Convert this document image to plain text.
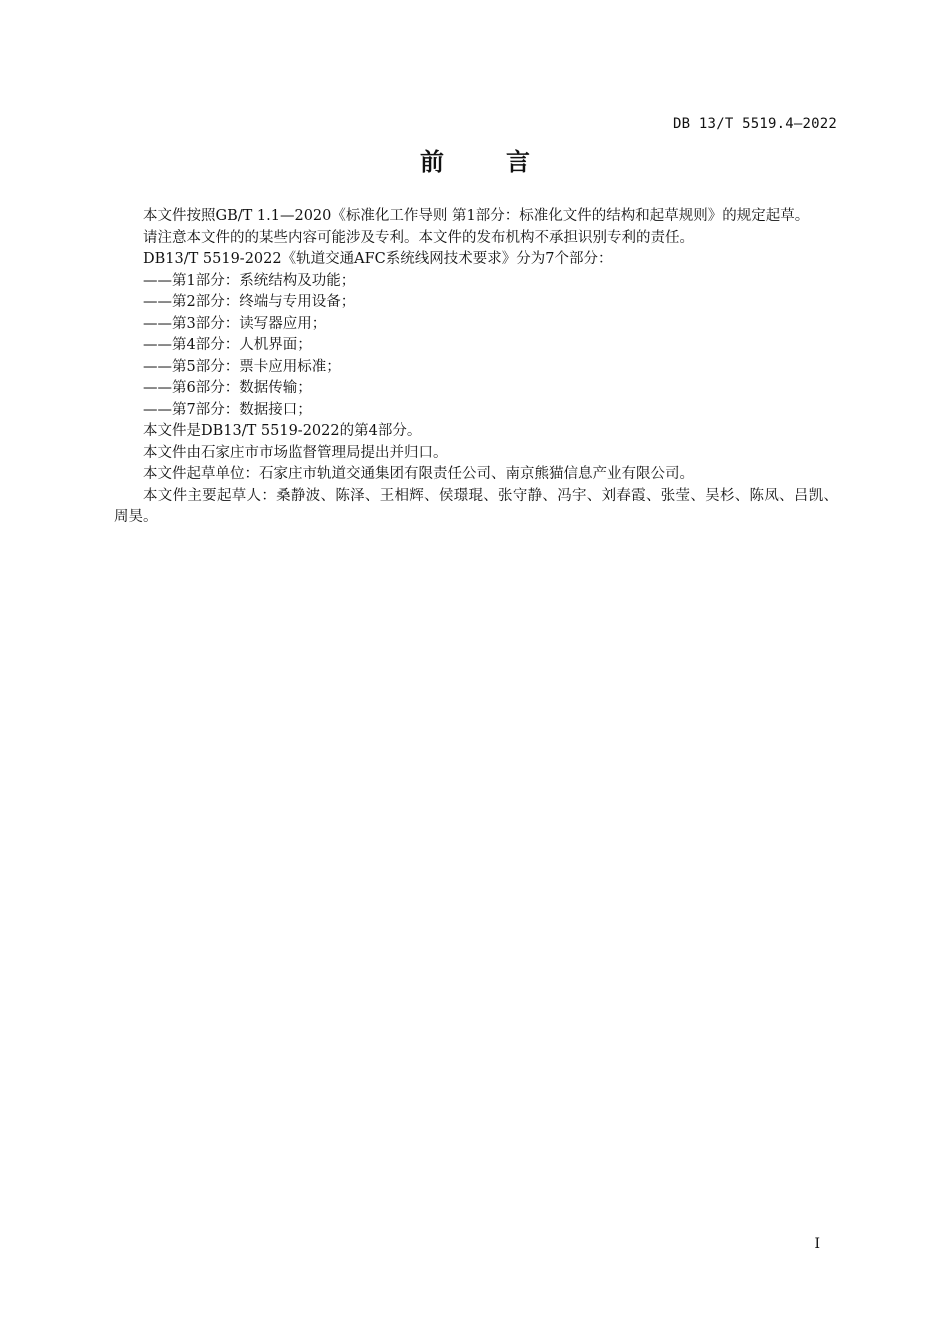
DB 13/T 5519.4—2022
前言

本文件按照GB/T 1.1—2020《标准化工作导则 第1部分：标准化文件的结构和起草规则》的规定起草。

请注意本文件的的某些内容可能涉及专利。本文件的发布机构不承担识别专利的责任。

DB13/T 5519-2022《轨道交通AFC系统线网技术要求》分为7个部分：

——第1部分：系统结构及功能；
——第2部分：终端与专用设备；
——第3部分：读写器应用；
——第4部分：人机界面；
——第5部分：票卡应用标准；
——第6部分：数据传输；
——第7部分：数据接口；

本文件是DB13/T 5519-2022的第4部分。

本文件由石家庄市市场监督管理局提出并归口。

本文件起草单位：石家庄市轨道交通集团有限责任公司、南京熊猫信息产业有限公司。

本文件主要起草人：桑静波、陈泽、王相辉、侯璟琨、张守静、冯宇、刘春霞、张莹、吴杉、陈凤、吕凯、周昊。

I
